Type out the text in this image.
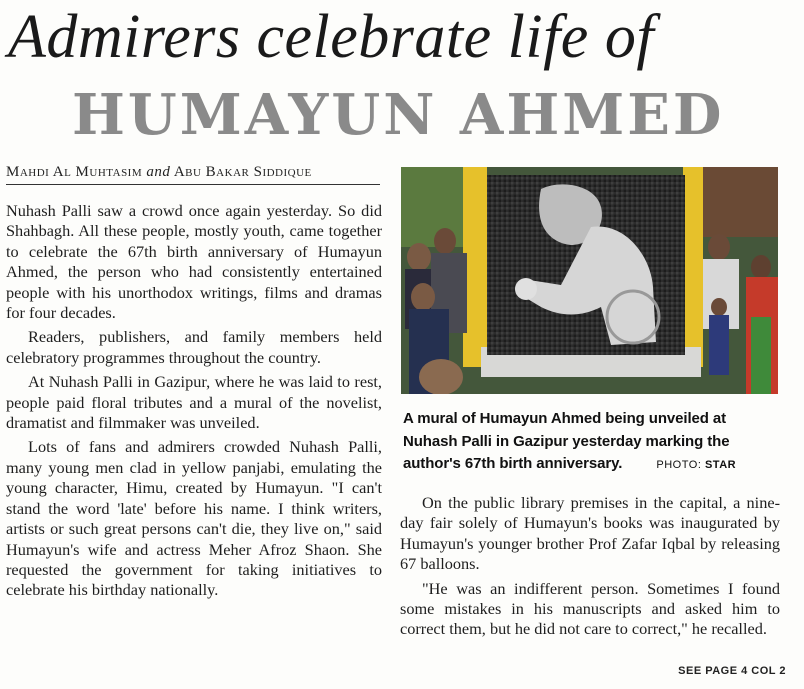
Admirers celebrate life of
HUMAYUN AHMED
Mahdi Al Muhtasim and Abu Bakar Siddique

Nuhash Palli saw a crowd once again yesterday. So did Shahbagh. All these people, mostly youth, came together to celebrate the 67th birth anniversary of Humayun Ahmed, the person who had consistently entertained people with his unorthodox writings, films and dramas for four decades.

Readers, publishers, and family members held celebratory programmes throughout the country.

At Nuhash Palli in Gazipur, where he was laid to rest, people paid floral tributes and a mural of the novelist, dramatist and filmmaker was unveiled.

Lots of fans and admirers crowded Nuhash Palli, many young men clad in yellow panjabi, emulating the young character, Himu, created by Humayun. "I can't stand the word 'late' before his name. I think writers, artists or such great persons can't die, they live on," said Humayun's wife and actress Meher Afroz Shaon. She requested the government for taking initiatives to celebrate his birthday nationally.

A mural of Humayun Ahmed being unveiled at Nuhash Palli in Gazipur yesterday marking the author's 67th birth anniversary.	PHOTO: STAR

On the public library premises in the capital, a nine-day fair solely of Humayun's books was inaugurated by Humayun's younger brother Prof Zafar Iqbal by releasing 67 balloons.

"He was an indifferent person. Sometimes I found some mistakes in his manuscripts and asked him to correct them, but he did not care to correct," he recalled.

SEE PAGE 4 COL 2
